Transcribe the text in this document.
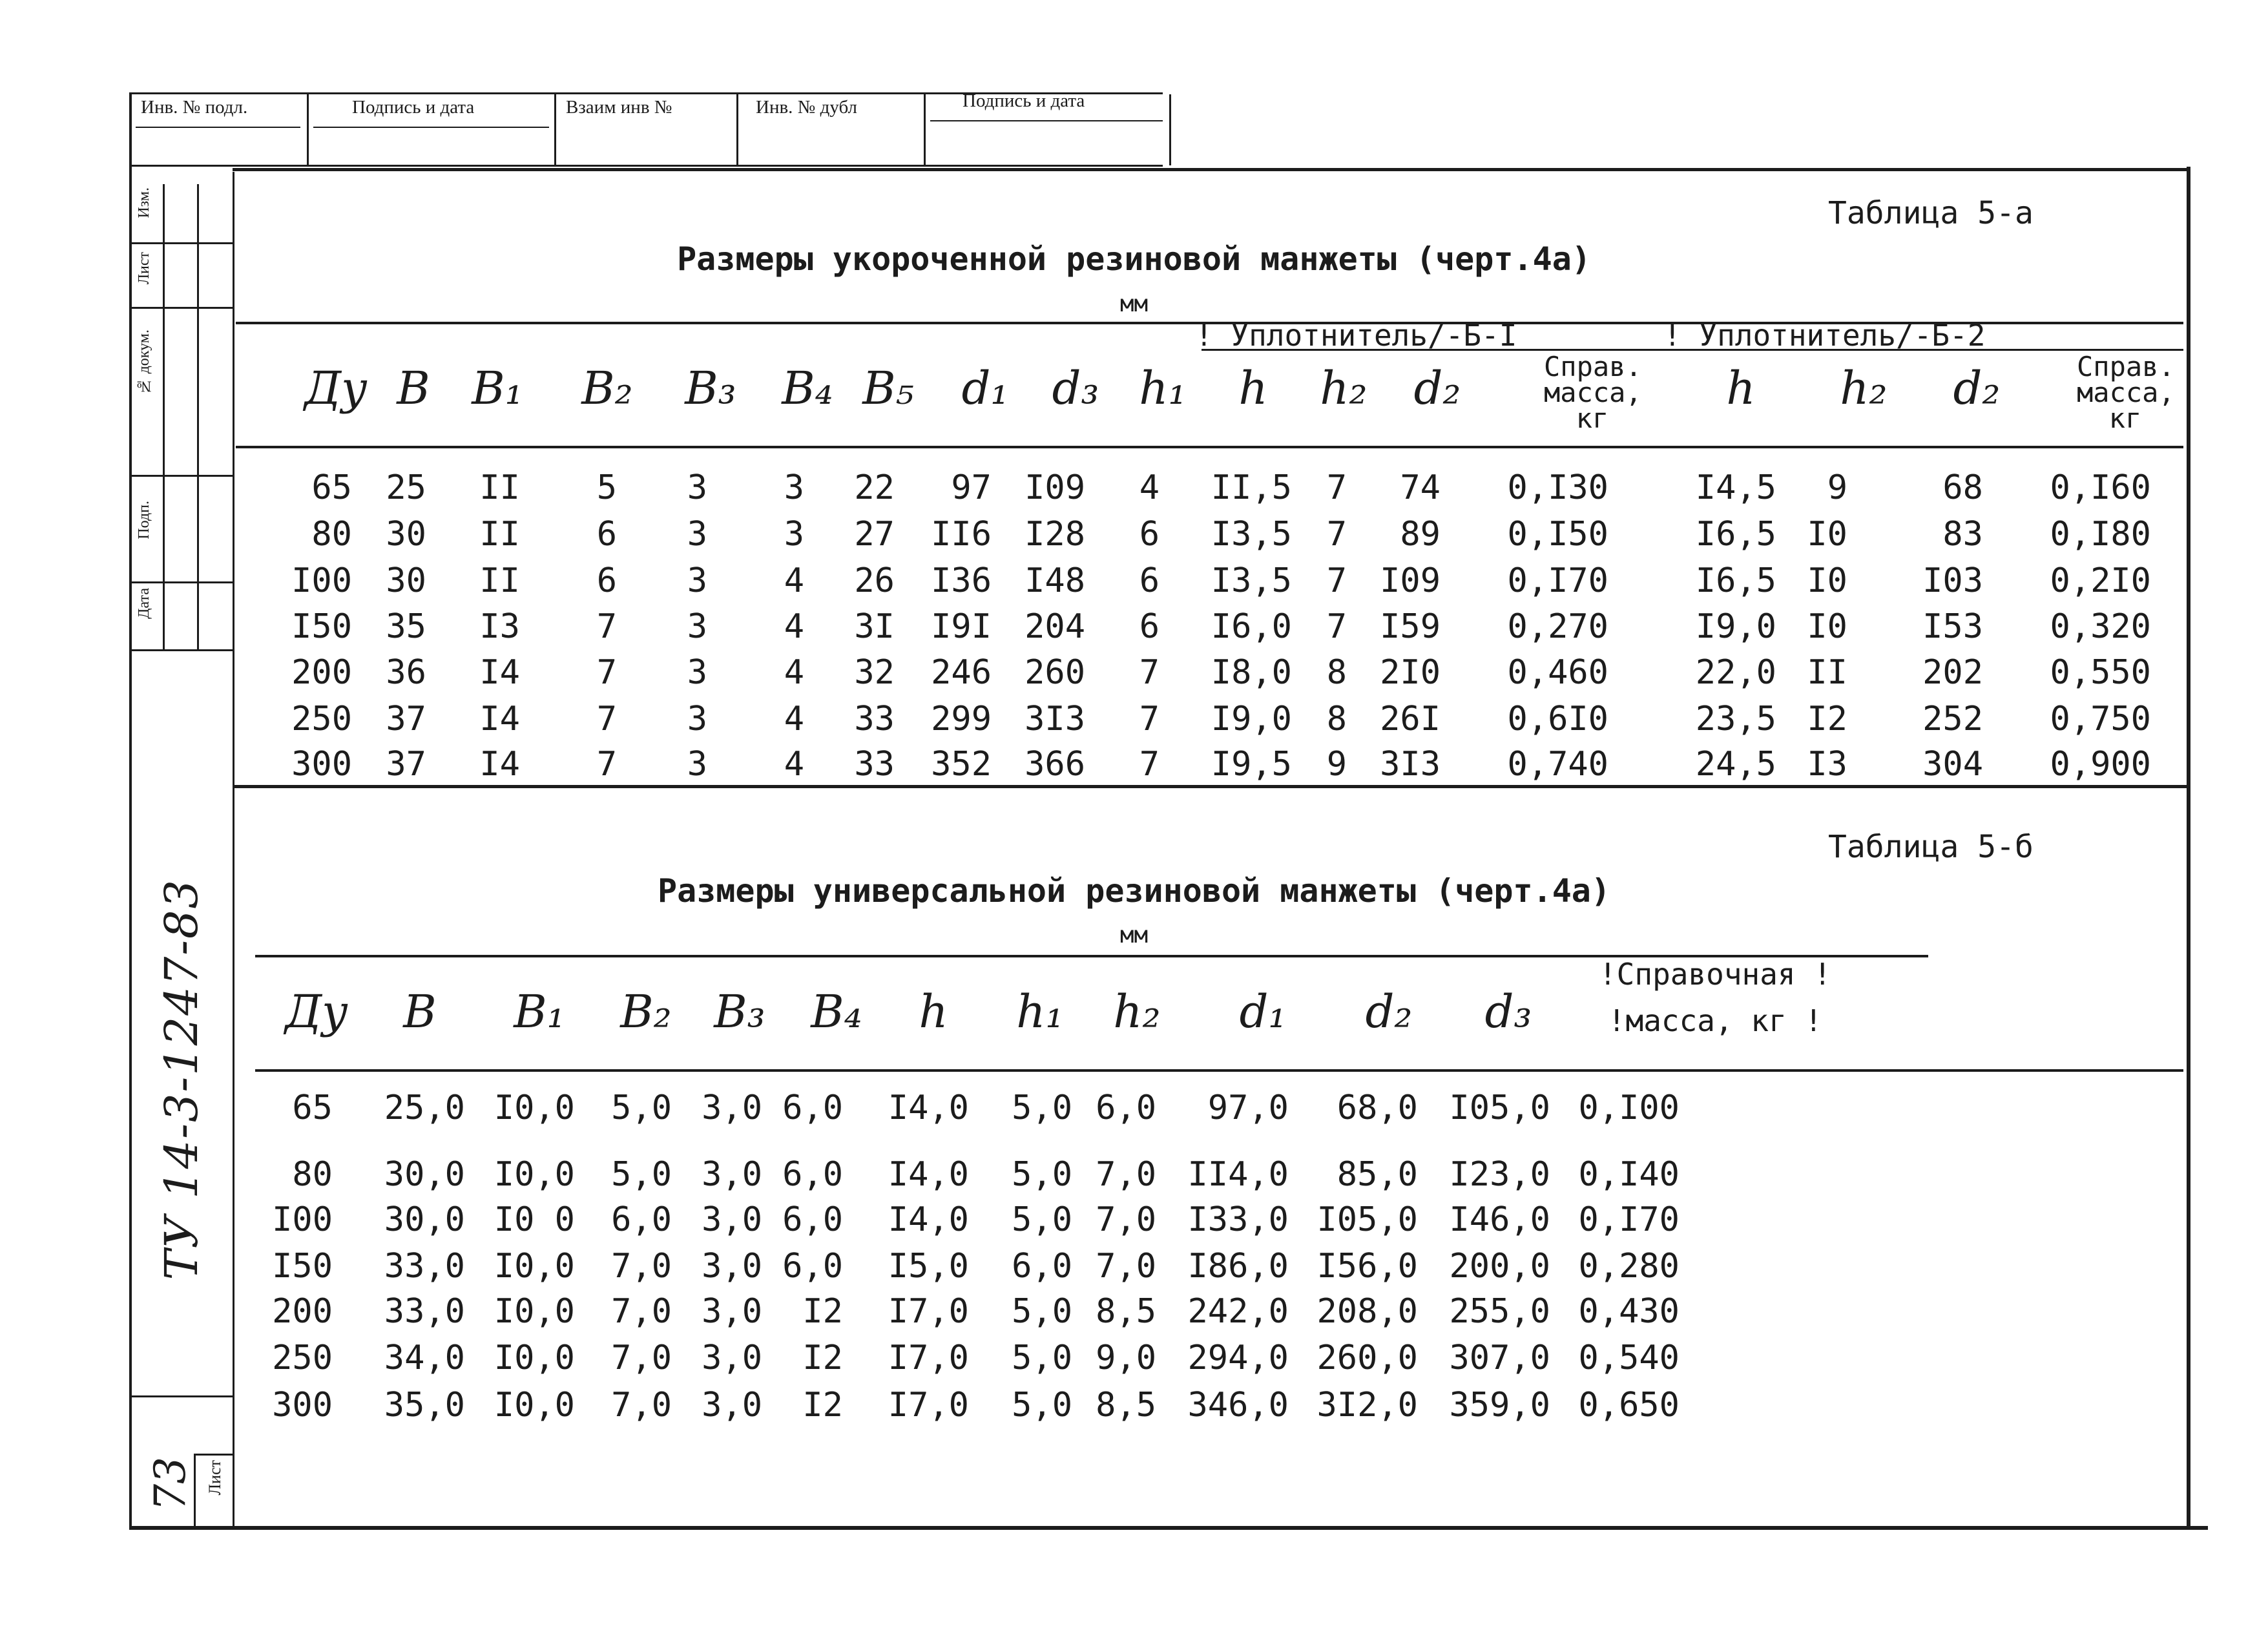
Инв. № подл.	Подпись и дата	Взаим инв №	Инв. № дубл	Подпись и дата
Изм.
Лист
№ докум.
Подп.
Дата
ТУ 14-3-1247-83
Лист
73
Таблица 5-а
Размеры укороченной резиновой манжеты (черт.4а)
мм
! Уплотнитель/-Б-I	! Уплотнитель/-Б-2
Ду B B₁ B₂ B₃ B₄ B₅ d₁ d₃ h₁ h h₂ d₂	Справ. масса, кг
h h₂ d₂	Справ. масса, кг
65 25 II 5 3 3 22 97 I09 4 II,5 7 74 0,I30	I4,5 9	68 0,I60
80 30 II 6 3 3 27 II6 I28 6 I3,5 7 89 0,I50	I6,5 I0	83 0,I80
I00 30 II 6 3 4 26 I36 I48 6 I3,5 7 I09 0,I70	I6,5 I0 I03 0,2I0
I50 35 I3 7 3 4 3I I9I 204 6 I6,0 7 I59 0,270	I9,0 I0 I53 0,320
200 36 I4 7 3 4 32 246 260 7 I8,0 8 2I0 0,460	22,0 II 202 0,550
250 37 I4 7 3 4 33 299 3I3 7 I9,0 8 26I 0,6I0	23,5 I2 252 0,750
300 37 I4 7 3 4 33 352 366 7 I9,5 9 3I3 0,740	24,5 I3 304 0,900
Таблица 5-б
Размеры универсальной резиновой манжеты (черт.4а)
мм
Ду B B₁ B₂ B₃ B₄ h h₁ h₂ d₁ d₂ d₃
!Справочная ! !масса, кг !
65 25,0 I0,0 5,0 3,0 6,0 I4,0 5,0 6,0 97,0 68,0 I05,0 0,I00
80 30,0 I0,0 5,0 3,0 6,0 I4,0 5,0 7,0 II4,0 85,0 I23,0 0,I40
I00 30,0 I0 0 6,0 3,0 6,0 I4,0 5,0 7,0 I33,0 I05,0 I46,0 0,I70
I50 33,0 I0,0 7,0 3,0 6,0 I5,0 6,0 7,0 I86,0 I56,0 200,0 0,280
200 33,0 I0,0 7,0 3,0 I2 I7,0 5,0 8,5 242,0 208,0 255,0 0,430
250 34,0 I0,0 7,0 3,0 I2 I7,0 5,0 9,0 294,0 260,0 307,0 0,540
300 35,0 I0,0 7,0 3,0 I2 I7,0 5,0 8,5 346,0 3I2,0 359,0 0,650
